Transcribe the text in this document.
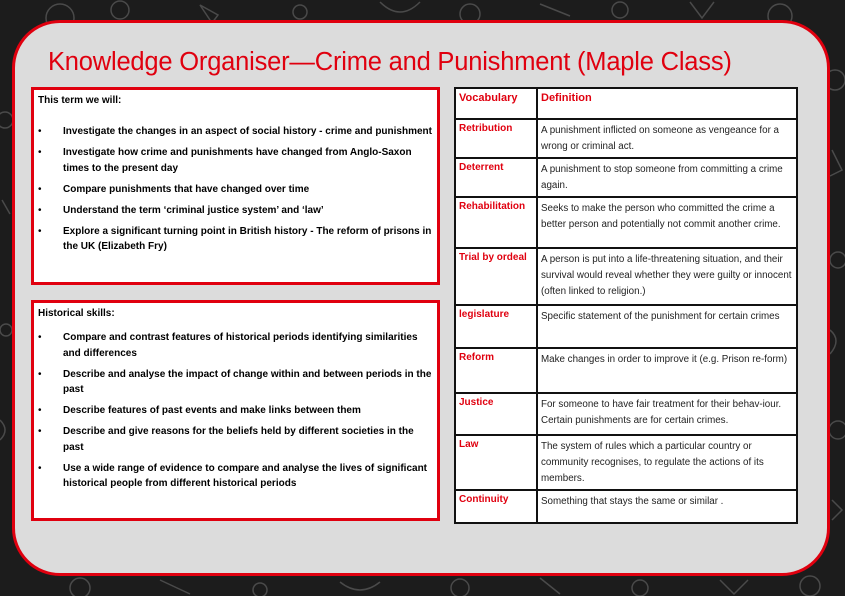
Knowledge Organiser—Crime and Punishment (Maple Class)
This term we will:
• Investigate the changes in an aspect of social history - crime and punishment
• Investigate how crime and punishments have changed from Anglo-Saxon times to the present day
• Compare punishments that have changed over time
• Understand the term ‘criminal justice system’ and ‘law’
• Explore a significant turning point in British history - The reform of prisons in the UK (Elizabeth Fry)
Historical skills:
• Compare and contrast features of historical periods identifying similarities and differences
• Describe and analyse the impact of change within and between periods in the past
• Describe features of past events and make links between them
• Describe and give reasons for the beliefs held by different societies in the past
• Use a wide range of evidence to compare and analyse the lives of significant historical people from different historical periods
Vocabulary	Definition
Retribution	A punishment inflicted on someone as vengeance for a wrong or criminal act.
Deterrent	A punishment to stop someone from committing a crime again.
Rehabilitation	Seeks to make the person who committed the crime a better person and potentially not commit another crime.
Trial by ordeal	A person is put into a life-threatening situation, and their survival would reveal whether they were guilty or innocent (often linked to religion.)
legislature	Specific statement of the punishment for certain crimes
Reform	Make changes in order to improve it (e.g. Prison re-form)
Justice	For someone to have fair treatment for their behav-iour. Certain punishments are for certain crimes.
Law	The system of rules which a particular country or community recognises, to regulate the actions of its members.
Continuity	Something that stays the same or similar .
